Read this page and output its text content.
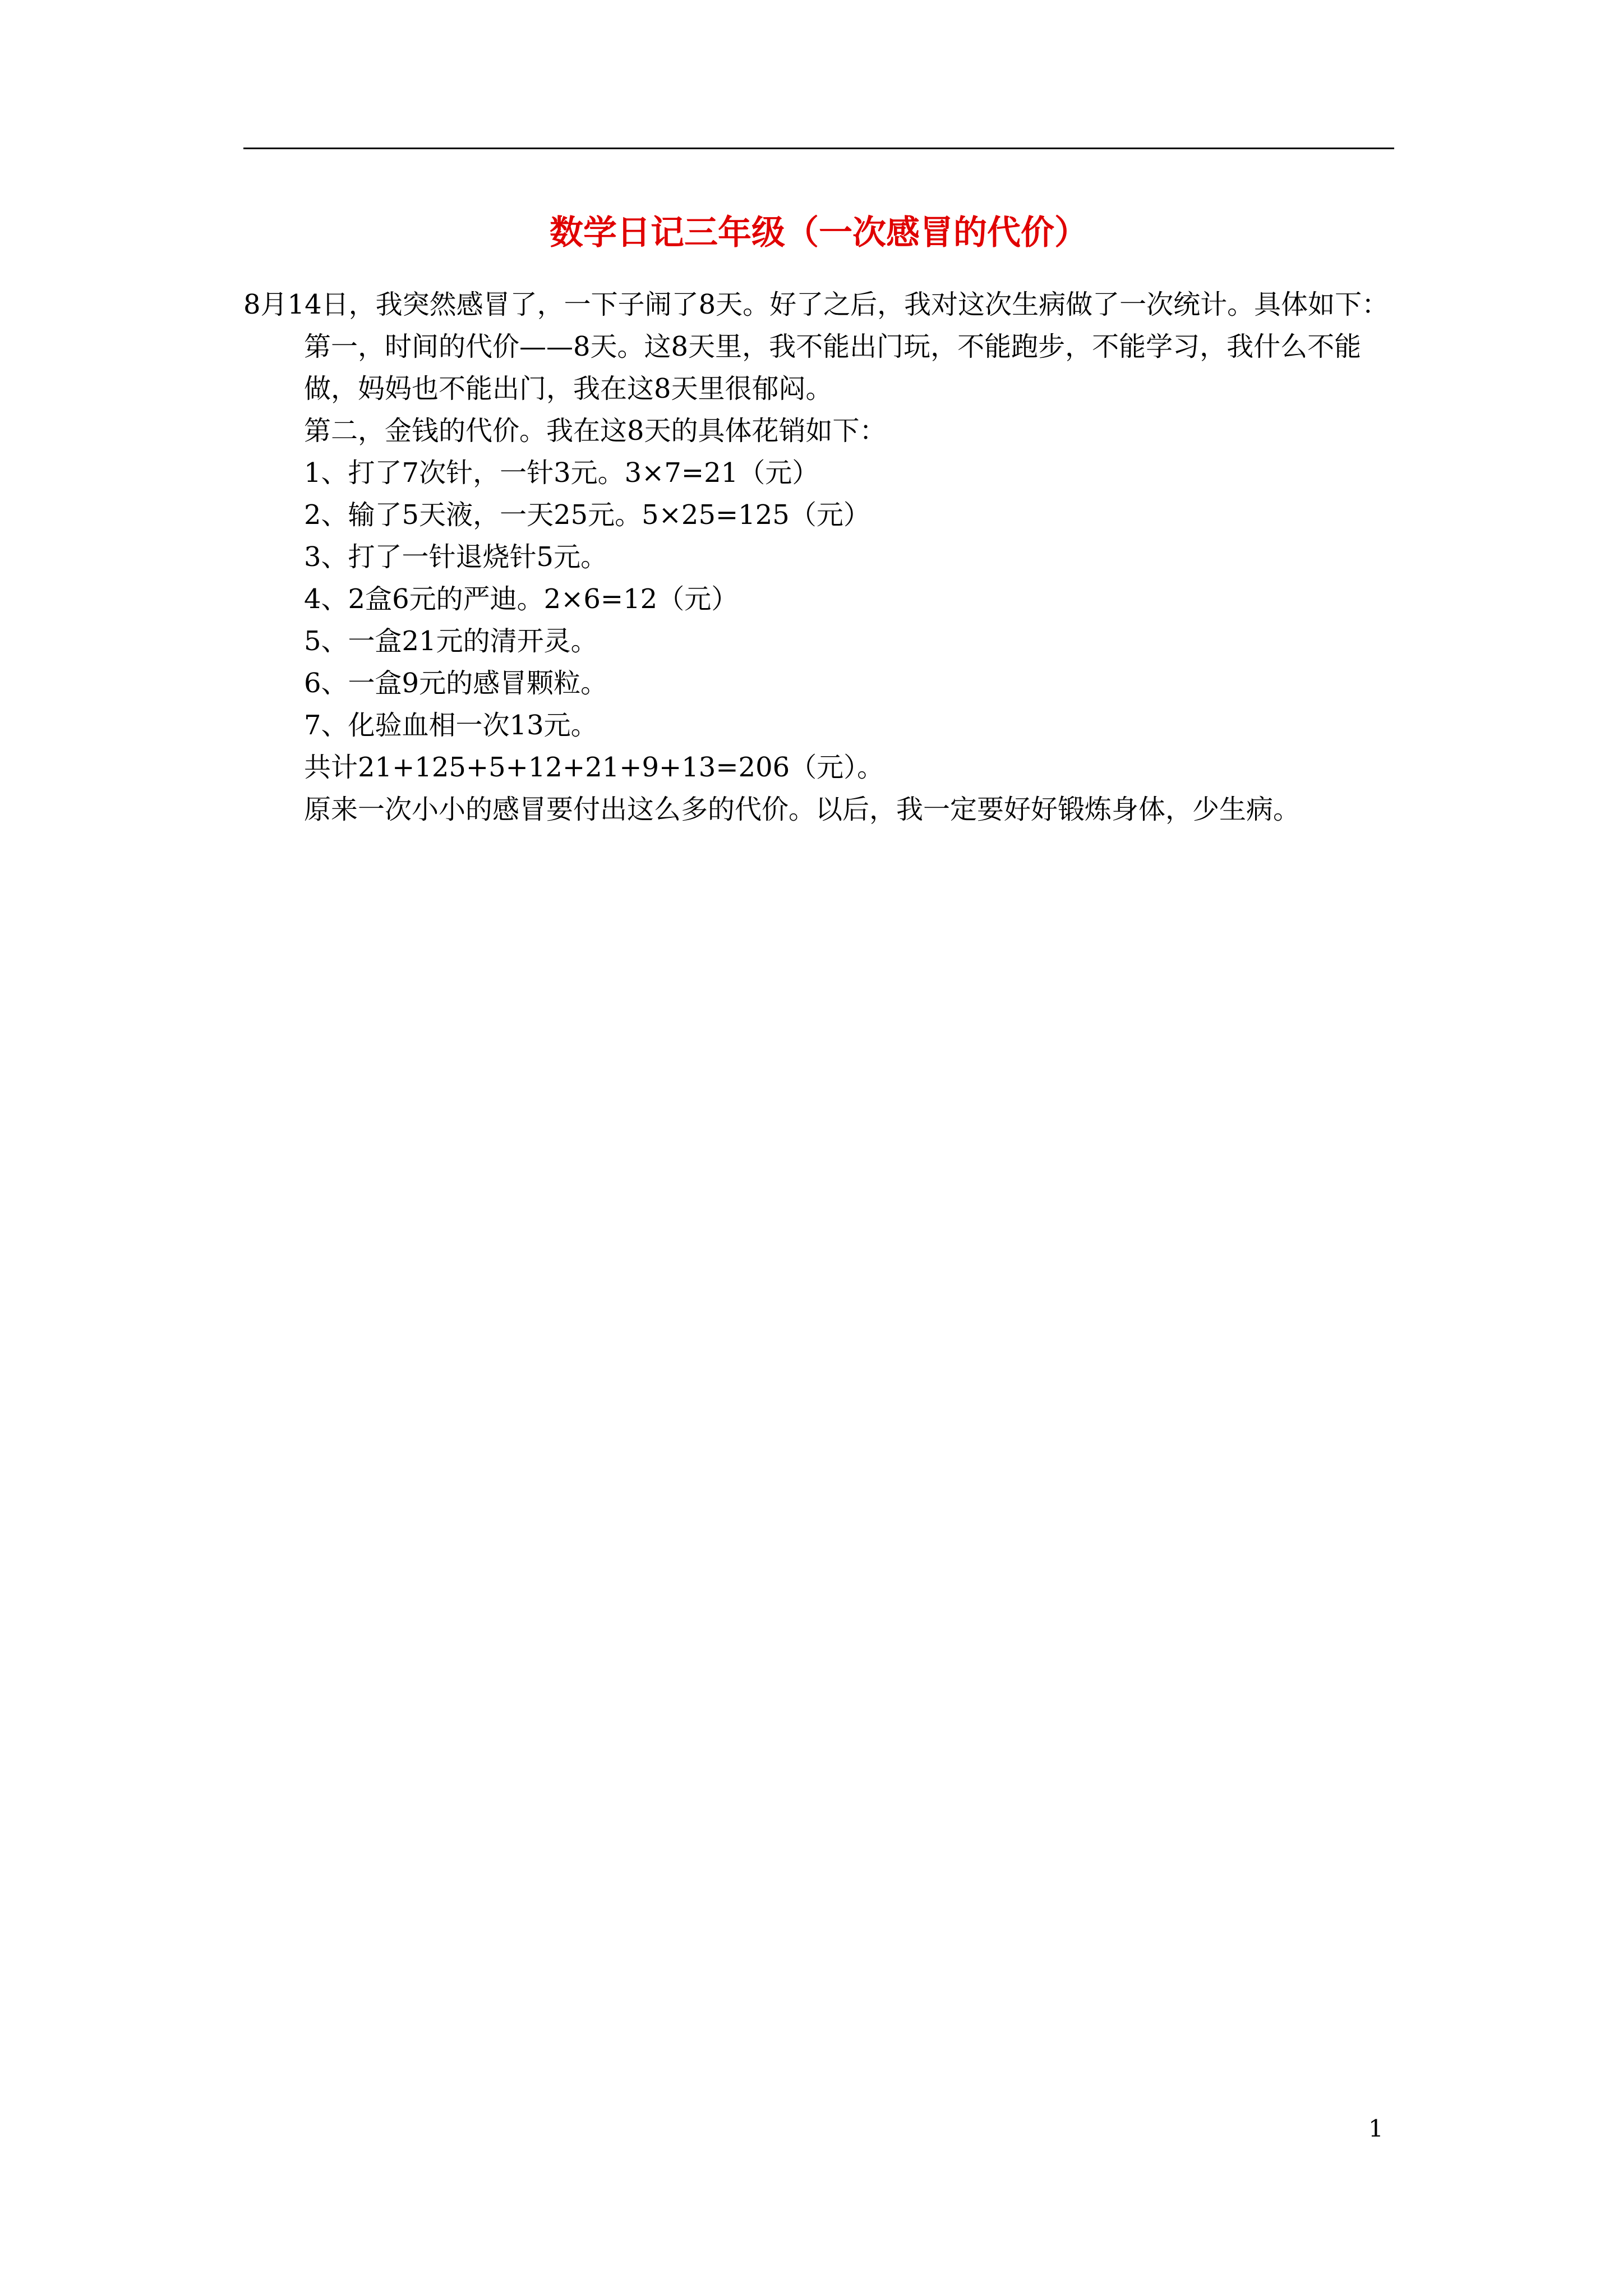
数学日记三年级（一次感冒的代价）

8月14日，我突然感冒了，一下子闹了8天。好了之后，我对这次生病做了一次统计。具体如下：

第一，时间的代价——8天。这8天里，我不能出门玩，不能跑步，不能学习，我什么不能做，妈妈也不能出门，我在这8天里很郁闷。

第二，金钱的代价。我在这8天的具体花销如下：

1、打了7次针，一针3元。3×7=21（元）

2、输了5天液，一天25元。5×25=125（元）

3、打了一针退烧针5元。

4、2盒6元的严迪。2×6=12（元）

5、一盒21元的清开灵。

6、一盒9元的感冒颗粒。

7、化验血相一次13元。

共计21+125+5+12+21+9+13=206（元）。

原来一次小小的感冒要付出这么多的代价。以后，我一定要好好锻炼身体，少生病。

1
